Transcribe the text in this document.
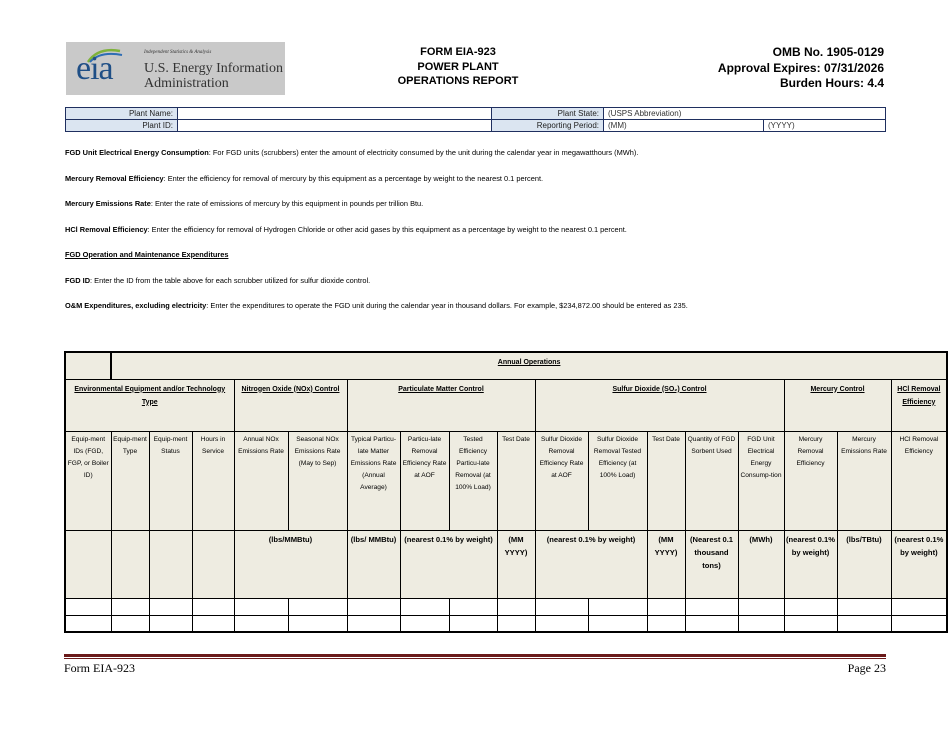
eia	Independent Statistics & Analysis
U.S. Energy Information
Administration
FORM EIA-923
POWER PLANT
OPERATIONS REPORT
OMB No. 1905-0129
Approval Expires: 07/31/2026
Burden Hours: 4.4
Plant Name:		Plant State:	(USPS Abbreviation)	
Plant ID:		Reporting Period:	(MM)	(YYYY)
FGD Unit Electrical Energy Consumption: For FGD units (scrubbers) enter the amount of electricity consumed by the unit during the calendar year in megawatthours (MWh).
Mercury Removal Efficiency: Enter the efficiency for removal of mercury by this equipment as a percentage by weight to the nearest 0.1 percent.
Mercury Emissions Rate: Enter the rate of emissions of mercury by this equipment in pounds per trillion Btu.
HCl Removal Efficiency: Enter the efficiency for removal of Hydrogen Chloride or other acid gases by this equipment as a percentage by weight to the nearest 0.1 percent.
FGD Operation and Maintenance Expenditures
FGD ID: Enter the ID from the table above for each scrubber utilized for sulfur dioxide control.
O&M Expenditures, excluding electricity: Enter the expenditures to operate the FGD unit during the calendar year in thousand dollars. For example, $234,872.00 should be entered as 235.
	Annual Operations																
Environmental Equipment and/or Technology Type				Nitrogen Oxide (NOx) Control		Particulate Matter Control				Sulfur Dioxide (SO₂) Control					Mercury Control		HCl Removal Efficiency
Equip-ment IDs (FGD, FGP, or Boiler ID)	Equip-ment Type	Equip-ment Status	Hours in Service	Annual NOx Emissions Rate	Seasonal NOx Emissions Rate (May to Sep)	Typical Particu-late Matter Emissions Rate (Annual Average)	Particu-late Removal Efficiency Rate at AOF	Tested Efficiency Particu-late Removal (at 100% Load)	Test Date	Sulfur Dioxide Removal Efficiency Rate at AOF	Sulfur Dioxide Removal Tested Efficiency (at 100% Load)	Test Date	Quantity of FGD Sorbent Used	FGD Unit Electrical Energy Consump-tion	Mercury Removal Efficiency	Mercury Emissions Rate	HCl Removal Efficiency
				(lbs/MMBtu)		(lbs/ MMBtu)	(nearest 0.1% by weight)		(MM YYYY)	(nearest 0.1% by weight)		(MM YYYY)	(Nearest 0.1 thousand tons)	(MWh)	(nearest 0.1% by weight)	(lbs/TBtu)	(nearest 0.1% by weight)

Form EIA-923	Page 23
